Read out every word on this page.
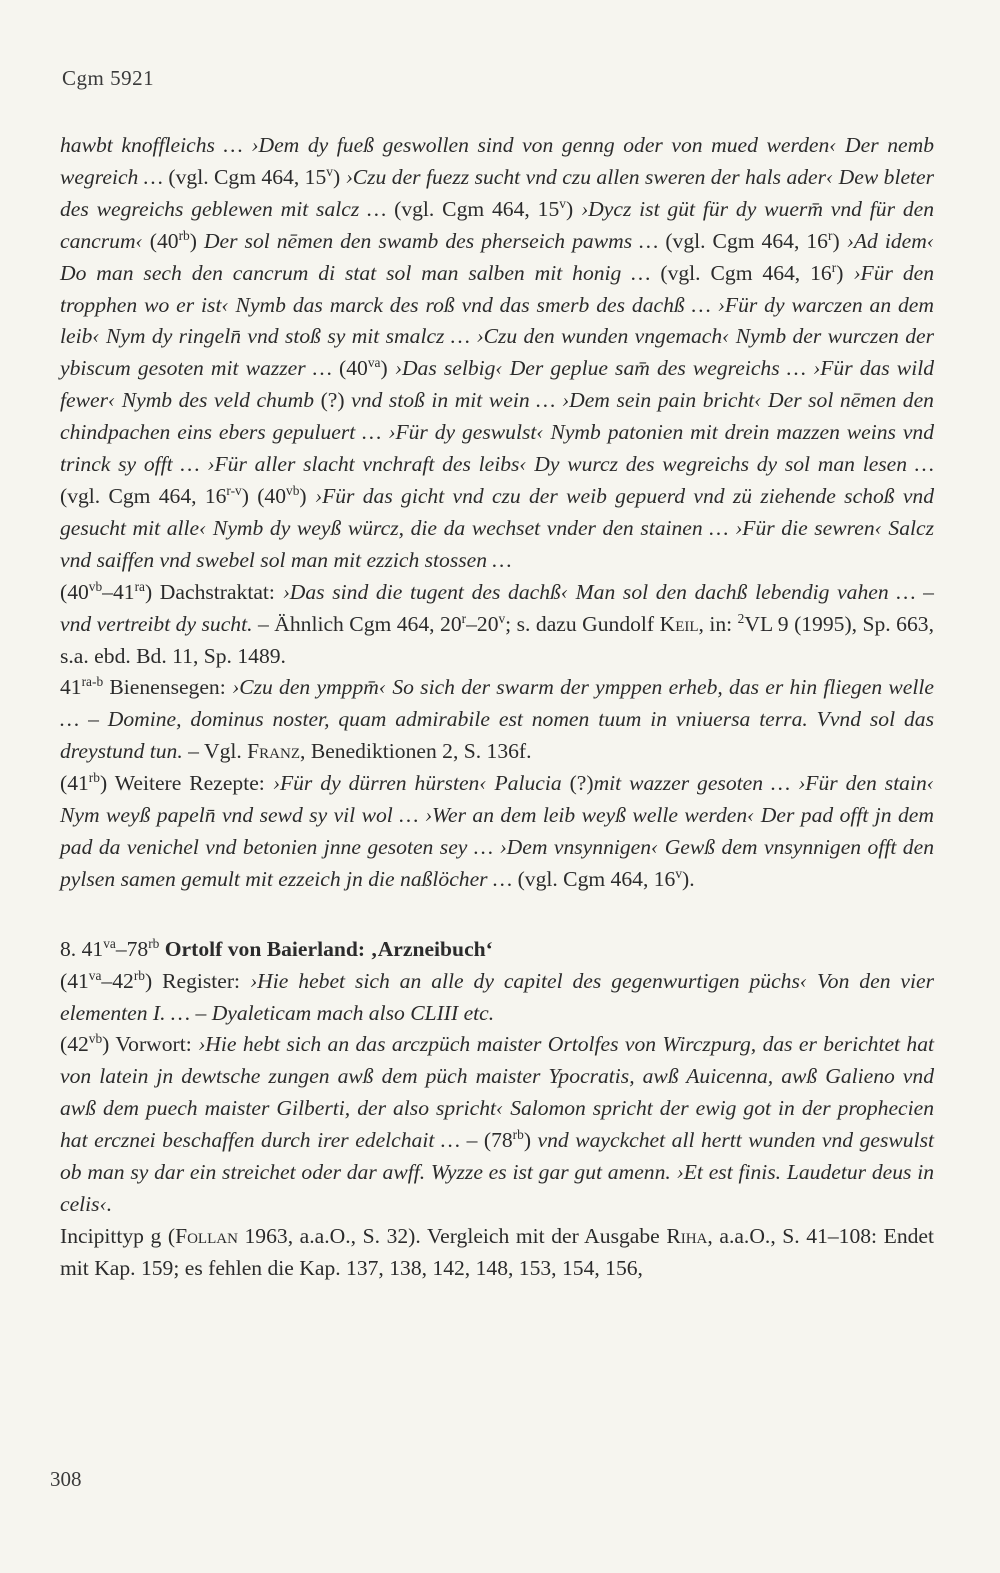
Cgm 5921

hawbt knoffleichs … ›Dem dy fueß geswollen sind von genng oder von mued werden‹ Der nemb wegreich … (vgl. Cgm 464, 15$^v$) ›Czu der fuezz sucht vnd czu allen sweren der hals ader‹ Dew bleter des wegreichs geblewen mit salcz … (vgl. Cgm 464, 15$^v$) ›Dycz ist güt für dy wuerm̄ vnd für den cancrum‹ $(40^{rb})$ Der sol nēmen den swamb des pherseich pawms … (vgl. Cgm 464, 16$^r$) ›Ad idem‹ Do man sech den cancrum di stat sol man salben mit honig … (vgl. Cgm 464, 16$^r$) ›Für den tropphen wo er ist‹ Nymb das marck des roß vnd das smerb des dachß … ›Für dy warczen an dem leib‹ Nym dy ringeln̄ vnd stoß sy mit smalcz … ›Czu den wunden vngemach‹ Nymb der wurczen der ybiscum gesoten mit wazzer … $(40^{va})$ ›Das selbig‹ Der geplue sam̄ des wegreichs … ›Für das wild fewer‹ Nymb des veld chumb (?) vnd stoß in mit wein … ›Dem sein pain bricht‹ Der sol nēmen den chindpachen eins ebers gepuluert … ›Für dy geswulst‹ Nymb patonien mit drein mazzen weins vnd trinck sy offt … ›Für aller slacht vnchraft des leibs‹ Dy wurcz des wegreichs dy sol man lesen … (vgl. Cgm 464, 16$^{r-v}$) $(40^{vb})$ ›Für das gicht vnd czu der weib gepuerd vnd zü ziehende schoß vnd gesucht mit alle‹ Nymb dy weyß würcz, die da wechset vnder den stainen … ›Für die sewren‹ Salcz vnd saiffen vnd swebel sol man mit ezzich stossen …

$(40^{vb}-41^{ra})$ Dachstraktat: ›Das sind die tugent des dachß‹ Man sol den dachß lebendig vahen … – vnd vertreibt dy sucht. – Ähnlich Cgm 464, 20$^r$–20$^v$; s. dazu Gundolf Keil, in: $^2$VL 9 (1995), Sp. 663, s.a. ebd. Bd. 11, Sp. 1489.

$41^{ra-b}$ Bienensegen: ›Czu den ymppm̄‹ So sich der swarm der ymppen erheb, das er hin fliegen welle … – Domine, dominus noster, quam admirabile est nomen tuum in vniuersa terra. Vvnd sol das dreystund tun. – Vgl. Franz, Benediktionen 2, S. 136f.

$(41^{rb})$ Weitere Rezepte: ›Für dy dürren hürsten‹ Palucia (?)mit wazzer gesoten … ›Für den stain‹ Nym weyß papeln̄ vnd sewd sy vil wol … ›Wer an dem leib weyß welle werden‹ Der pad offt jn dem pad da venichel vnd betonien jnne gesoten sey … ›Dem vnsynnigen‹ Gewß dem vnsynnigen offt den pylsen samen gemult mit ezzeich jn die naßlöcher … (vgl. Cgm 464, 16$^v$).

8. $41^{va}-78^{rb}$ Ortolf von Baierland: ‚Arzneibuch‘

$(41^{va}-42^{rb})$ Register: ›Hie hebet sich an alle dy capitel des gegenwurtigen püchs‹ Von den vier elementen I. … – Dyaleticam mach also CLIII etc.

$(42^{vb})$ Vorwort: ›Hie hebt sich an das arczpüch maister Ortolfes von Wirczpurg, das er berichtet hat von latein jn dewtsche zungen awß dem püch maister Ypocratis, awß Auicenna, awß Galieno vnd awß dem puech maister Gilberti, der also spricht‹ Salomon spricht der ewig got in der prophecien hat ercznei beschaffen durch irer edelchait … – $(78^{rb})$ vnd wayckchet all hertt wunden vnd geswulst ob man sy dar ein streichet oder dar awff. Wyzze es ist gar gut amenn. ›Et est finis. Laudetur deus in celis‹.

Incipittyp g (Follan 1963, a.a.O., S. 32). Vergleich mit der Ausgabe Riha, a.a.O., S. 41–108: Endet mit Kap. 159; es fehlen die Kap. 137, 138, 142, 148, 153, 154, 156,

308
